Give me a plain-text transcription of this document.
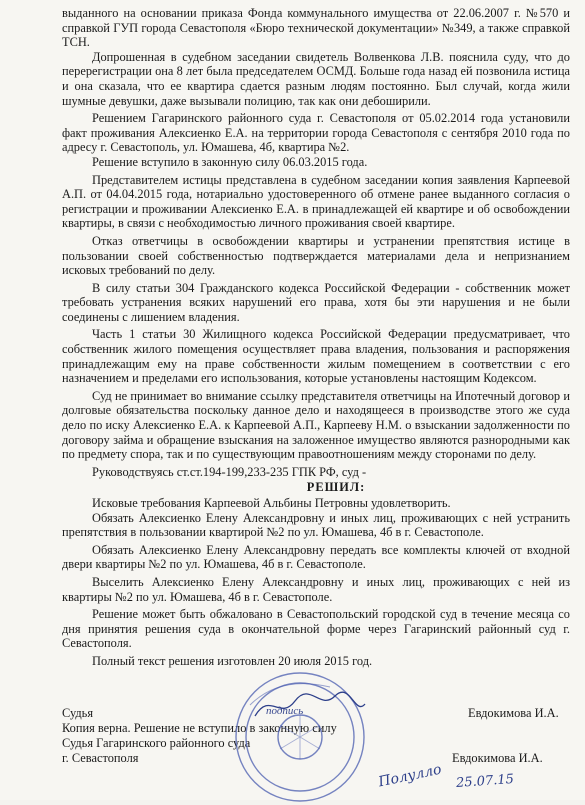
выданного на основании приказа Фонда коммунального имущества от 22.06.2007 г. №570 и справкой ГУП города Севастополя «Бюро технической документации» №349, а также справкой ТСН.

Допрошенная в судебном заседании свидетель Волвенкова Л.В. пояснила суду, что до перерегистрации она 8 лет была председателем ОСМД. Больше года назад ей позвонила истица и она сказала, что ее квартира сдается разным людям постоянно. Был случай, когда жили шумные девушки, даже вызывали полицию, так как они дебоширили.

Решением Гагаринского районного суда г. Севастополя от 05.02.2014 года установили факт проживания Алексиенко Е.А. на территории города Севастополя с сентября 2010 года по адресу г. Севастополь, ул. Юмашева, 4б, квартира №2.

Решение вступило в законную силу 06.03.2015 года.

Представителем истицы представлена в судебном заседании копия заявления Карпеевой А.П. от 04.04.2015 года, нотариально удостоверенного об отмене ранее выданного согласия о регистрации и проживании Алексиенко Е.А. в принадлежащей ей квартире и об освобождении квартиры, в связи с необходимостью личного проживания своей квартире.

Отказ ответчицы в освобождении квартиры и устранении препятствия истице в пользовании своей собственностью подтверждается материалами дела и непризнанием исковых требований по делу.

В силу статьи 304 Гражданского кодекса Российской Федерации - собственник может требовать устранения всяких нарушений его права, хотя бы эти нарушения и не были соединены с лишением владения.

Часть 1 статьи 30 Жилищного кодекса Российской Федерации предусматривает, что собственник жилого помещения осуществляет права владения, пользования и распоряжения принадлежащим ему на праве собственности жилым помещением в соответствии с его назначением и пределами его использования, которые установлены настоящим Кодексом.

Суд не принимает во внимание ссылку представителя ответчицы на Ипотечный договор и долговые обязательства поскольку данное дело и находящееся в производстве этого же суда дело по иску Алексиенко Е.А. к Карпеевой А.П., Карпееву Н.М. о взыскании задолженности по договору займа и обращение взыскания на заложенное имущество являются разнородными как по предмету спора, так и по существующим правоотношениям между сторонами по делу.

Руководствуясь ст.ст.194-199,233-235 ГПК РФ, суд -

РЕШИЛ:

Исковые требования Карпеевой Альбины Петровны удовлетворить.

Обязать Алексиенко Елену Александровну и иных лиц, проживающих с ней устранить препятствия в пользовании квартирой №2 по ул. Юмашева, 4б в г. Севастополе.

Обязать Алексиенко Елену Александровну передать все комплекты ключей от входной двери квартиры №2 по ул. Юмашева, 4б в г. Севастополе.

Выселить Алексиенко Елену Александровну и иных лиц, проживающих с ней из квартиры №2 по ул. Юмашева, 4б в г. Севастополе.

Решение может быть обжаловано в Севастопольский городской суд в течение месяца со дня принятия решения суда в окончательной форме через Гагаринский районный суд г. Севастополя.

Полный текст решения изготовлен 20 июля 2015 год.

Судья	подпись	Евдокимова И.А.
Копия верна. Решение не вступило в законную силу
Судья Гагаринского районного суда
г. Севастополя	Евдокимова И.А.
Полулло 25.07.15
